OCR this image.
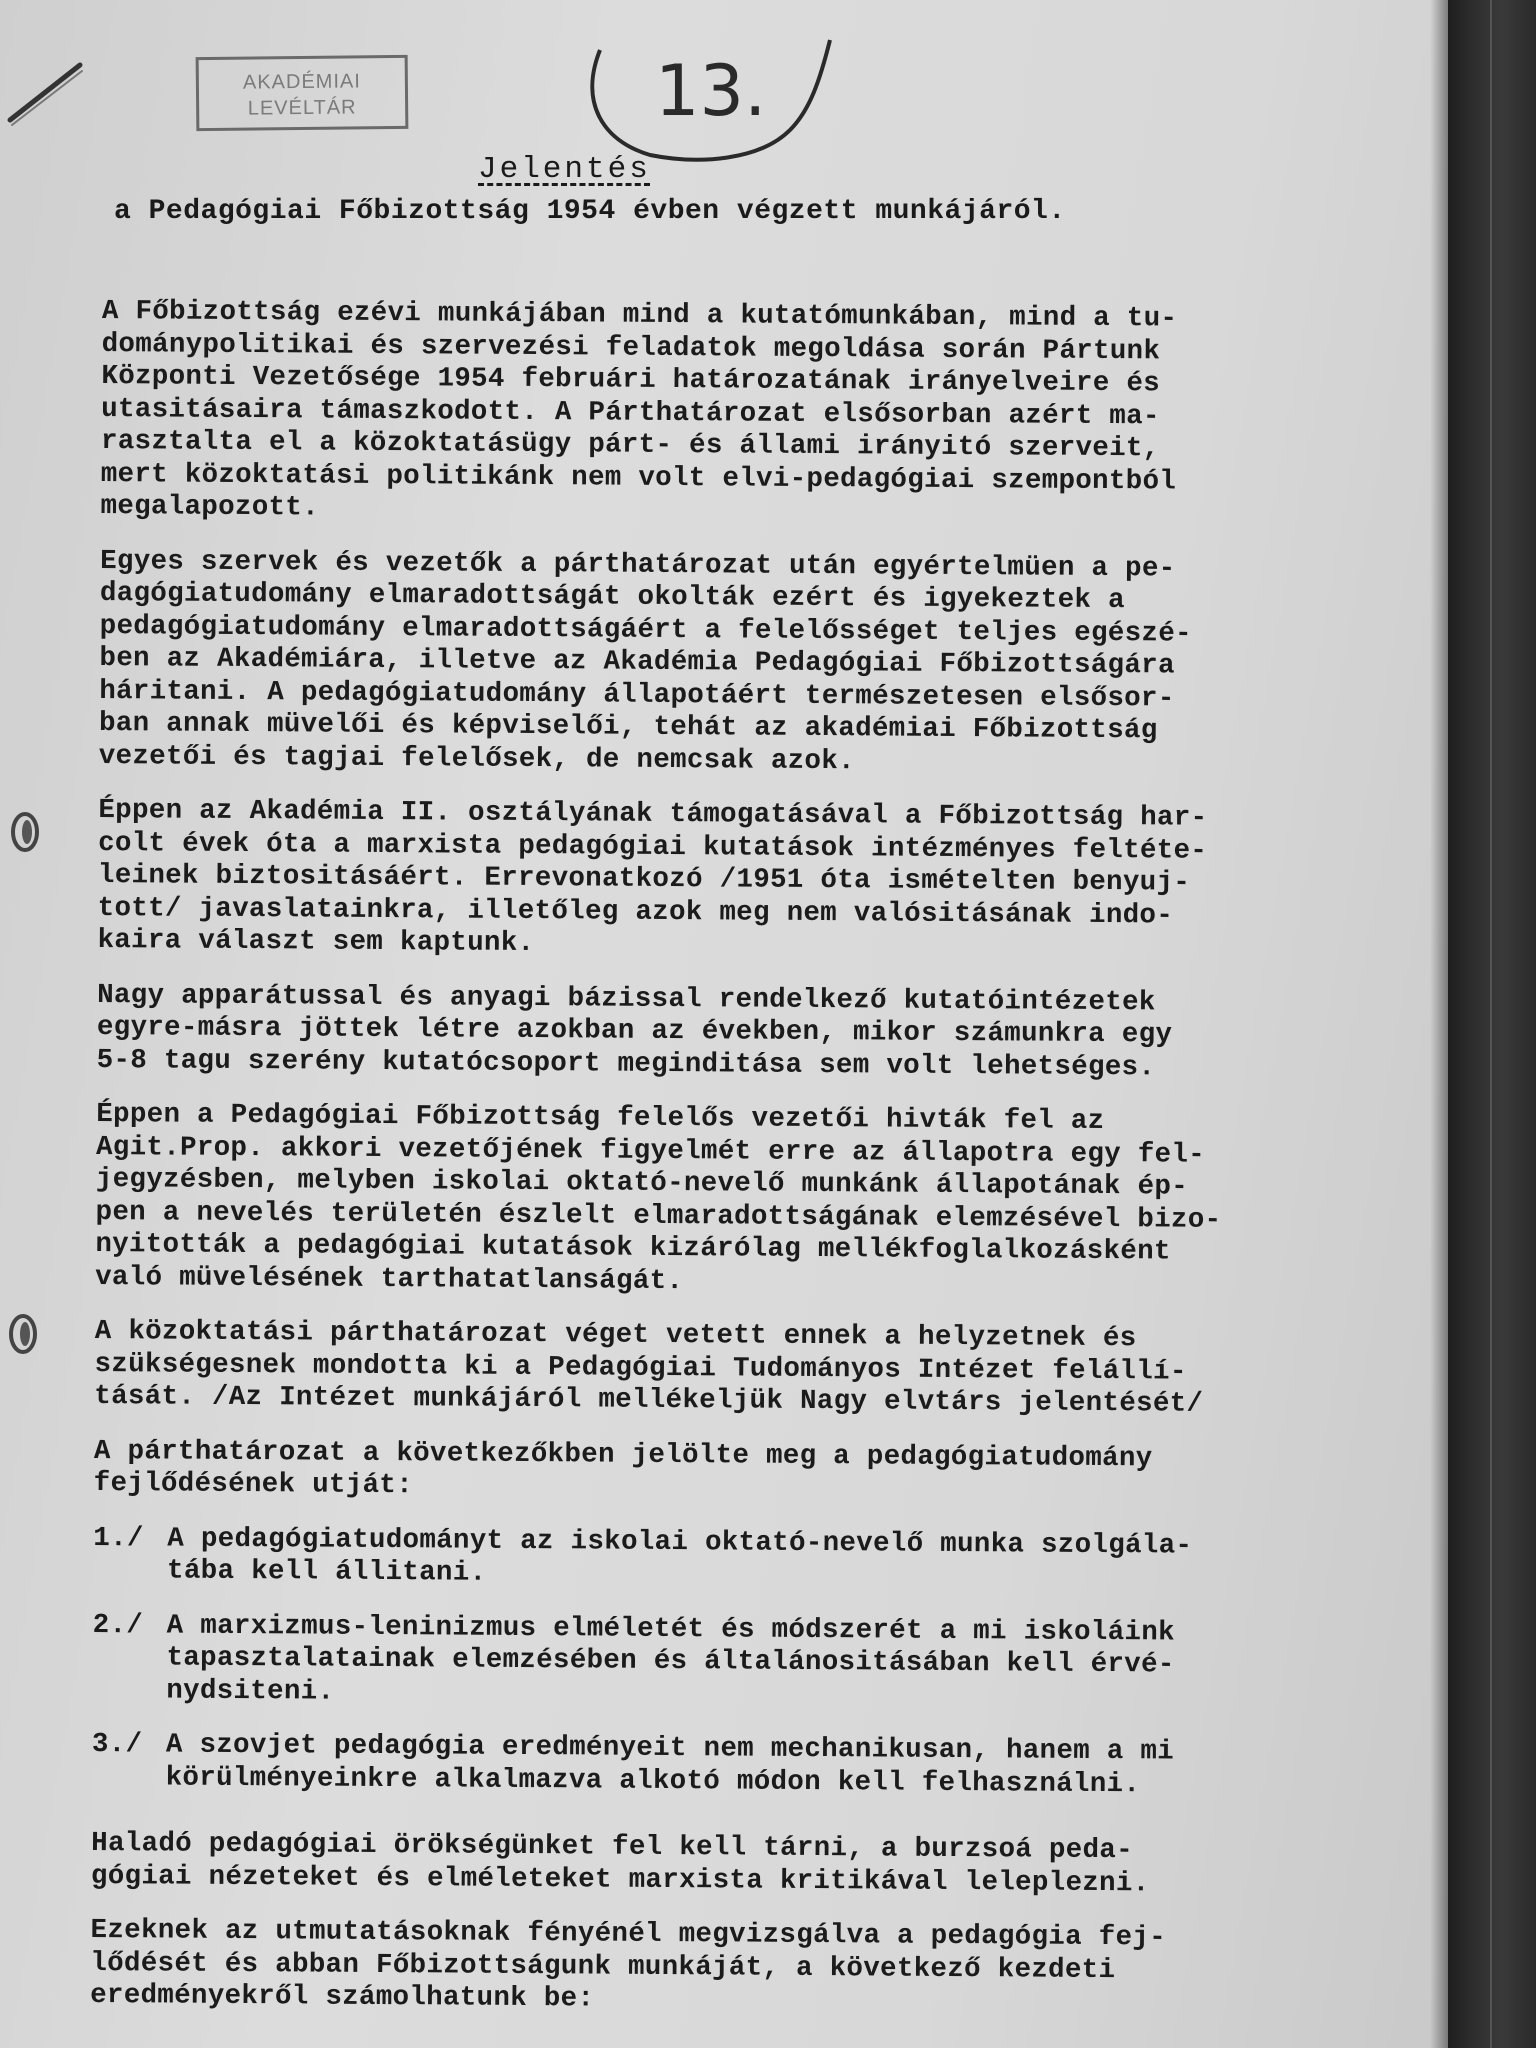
AKADÉMIAI
LEVÉLTÁR	13.
Jelentés
a Pedagógiai Főbizottság 1954 évben végzett munkájáról.

A Főbizottság ezévi munkájában mind a kutatómunkában, mind a tu-
dománypolitikai és szervezési feladatok megoldása során Pártunk
Központi Vezetősége 1954 februári határozatának irányelveire és
utasitásaira támaszkodott. A Párthatározat elsősorban azért ma-
rasztalta el a közoktatásügy párt- és állami irányitó szerveit,
mert közoktatási politikánk nem volt elvi-pedagógiai szempontból
megalapozott.

Egyes szervek és vezetők a párthatározat után egyértelmüen a pe-
dagógiatudomány elmaradottságát okolták ezért és igyekeztek a
pedagógiatudomány elmaradottságáért a felelősséget teljes egészé-
ben az Akadémiára, illetve az Akadémia Pedagógiai Főbizottságára
háritani. A pedagógiatudomány állapotáért természetesen elsősor-
ban annak müvelői és képviselői, tehát az akadémiai Főbizottság
vezetői és tagjai felelősek, de nemcsak azok.

Éppen az Akadémia II. osztályának támogatásával a Főbizottság har-
colt évek óta a marxista pedagógiai kutatások intézményes feltéte-
leinek biztositásáért. Errevonatkozó /1951 óta ismételten benyuj-
tott/ javaslatainkra, illetőleg azok meg nem valósitásának indo-
kaira választ sem kaptunk.

Nagy apparátussal és anyagi bázissal rendelkező kutatóintézetek
egyre-másra jöttek létre azokban az években, mikor számunkra egy
5-8 tagu szerény kutatócsoport meginditása sem volt lehetséges.

Éppen a Pedagógiai Főbizottság felelős vezetői hivták fel az
Agit.Prop. akkori vezetőjének figyelmét erre az állapotra egy fel-
jegyzésben, melyben iskolai oktató-nevelő munkánk állapotának ép-
pen a nevelés területén észlelt elmaradottságának elemzésével bizo-
nyitották a pedagógiai kutatások kizárólag mellékfoglalkozásként
való müvelésének tarthatatlanságát.

A közoktatási párthatározat véget vetett ennek a helyzetnek és
szükségesnek mondotta ki a Pedagógiai Tudományos Intézet felállí-
tását. /Az Intézet munkájáról mellékeljük Nagy elvtárs jelentését/

A párthatározat a következőkben jelölte meg a pedagógiatudomány
fejlődésének utját:

1./ A pedagógiatudományt az iskolai oktató-nevelő munka szolgála-
tába kell állitani.
2./ A marxizmus-leninizmus elméletét és módszerét a mi iskoláink
tapasztalatainak elemzésében és általánositásában kell érvé-
nydsiteni.
3./ A szovjet pedagógia eredményeit nem mechanikusan, hanem a mi
körülményeinkre alkalmazva alkotó módon kell felhasználni.

Haladó pedagógiai örökségünket fel kell tárni, a burzsoá peda-
gógiai nézeteket és elméleteket marxista kritikával leleplezni.

Ezeknek az utmutatásoknak fényénél megvizsgálva a pedagógia fej-
lődését és abban Főbizottságunk munkáját, a következő kezdeti
eredményekről számolhatunk be:
